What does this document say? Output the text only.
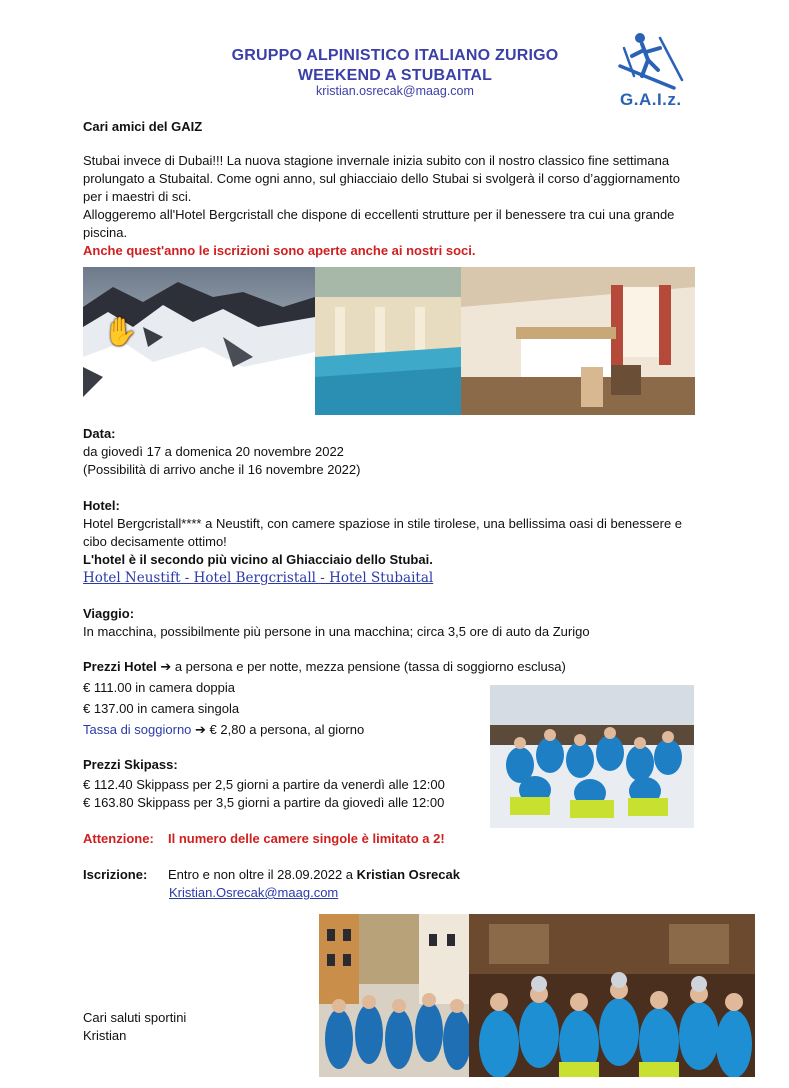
GRUPPO ALPINISTICO ITALIANO ZURIGO
WEEKEND A STUBAITAL
kristian.osrecak@maag.com	G.A.I.z.
Cari amici del GAIZ
Stubai invece di Dubai!!! La nuova stagione invernale inizia subito con il nostro classico fine settimana
prolungato a Stubaital. Come ogni anno, sul ghiacciaio dello Stubai si svolgerà il corso d’aggiornamento
per i maestri di sci.
Alloggeremo all'Hotel Bergcristall che dispone di eccellenti strutture per il benessere tra cui una grande
piscina.
Anche quest'anno le iscrizioni sono aperte anche ai nostri soci.
✋
Data:
da giovedì 17 a domenica 20 novembre 2022
(Possibilità di arrivo anche il 16 novembre 2022)
Hotel:
Hotel Bergcristall**** a Neustift, con camere spaziose in stile tirolese, una bellissima oasi di benessere e
cibo decisamente ottimo!
L'hotel è il secondo più vicino al Ghiacciaio dello Stubai.
Hotel Neustift - Hotel Bergcristall - Hotel Stubaital
Viaggio:
In macchina, possibilmente più persone in una macchina; circa 3,5 ore di auto da Zurigo
Prezzi Hotel ➔ a persona e per notte, mezza pensione (tassa di soggiorno esclusa)
€ 111.00 in camera doppia
€ 137.00 in camera singola
Tassa di soggiorno ➔ € 2,80 a persona, al giorno
Prezzi Skipass:
€ 112.40 Skippass per 2,5 giorni a partire da venerdì alle 12:00
€ 163.80 Skippass per 3,5 giorni a partire da giovedì alle 12:00
Attenzione: Il numero delle camere singole è limitato a 2!
Iscrizione: Entro e non oltre il 28.09.2022 a Kristian Osrecak
Kristian.Osrecak@maag.com
Cari saluti sportini
Kristian
